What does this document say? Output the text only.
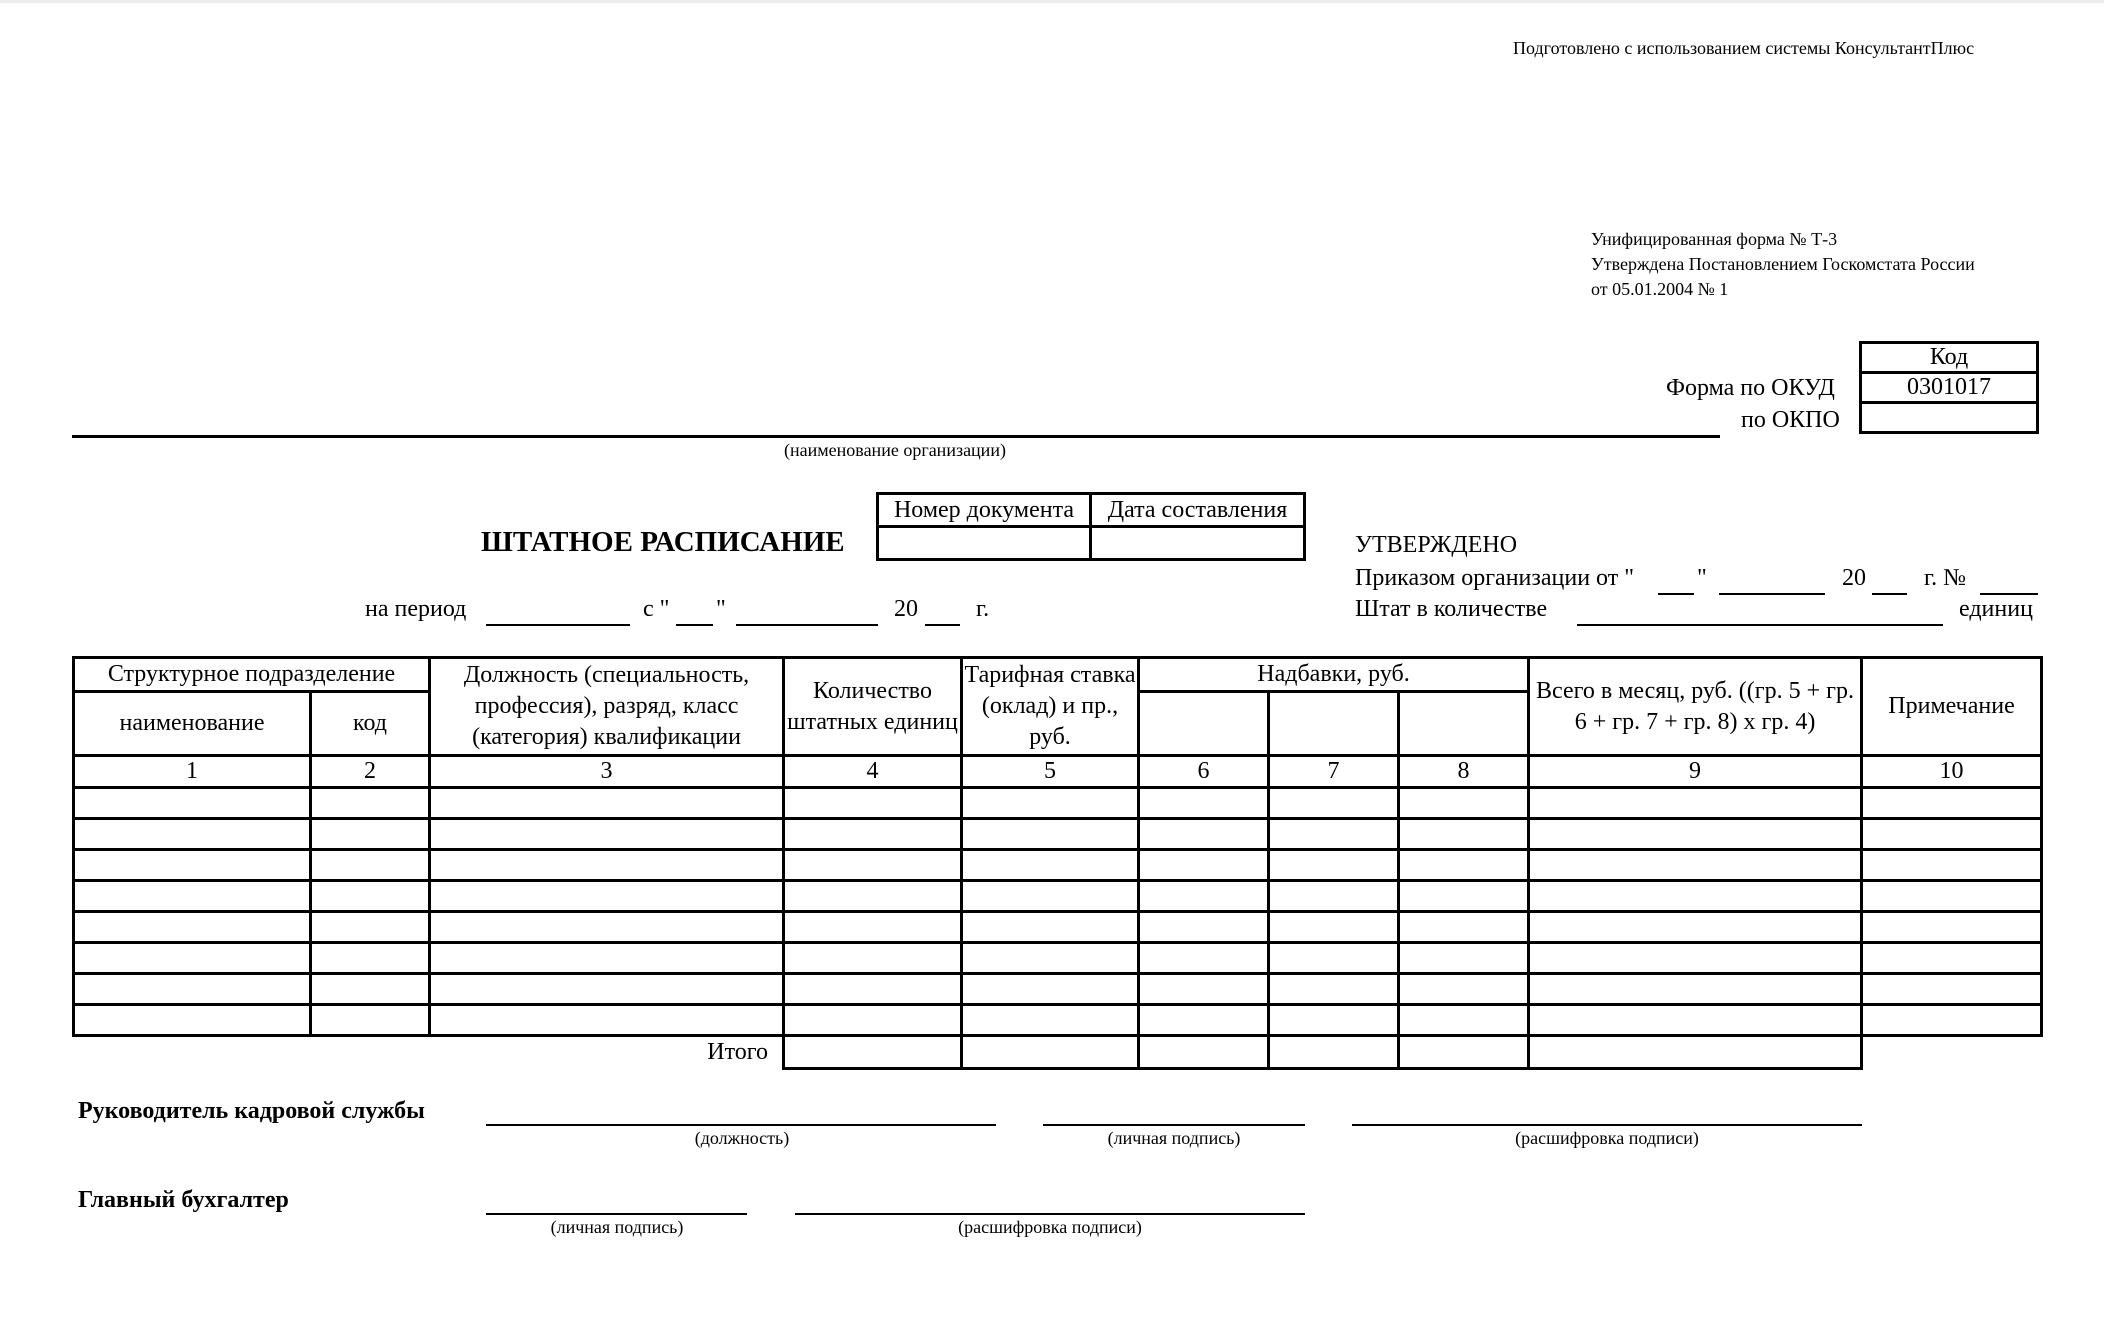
Подготовлено с использованием системы КонсультантПлюс
Унифицированная форма № Т-3
Утверждена Постановлением Госкомстата России
от 05.01.2004 № 1
Код
0301017

Форма по ОКУД
по ОКПО
(наименование организации)
ШТАТНОЕ РАСПИСАНИЕ
Номер документа	Дата составления

на период	с " "	20 г.
УТВЕРЖДЕНО
Приказом организации от "	"	20 г. №
Штат в количестве	единиц
Структурное подразделение		Должность (специальность, профессия), разряд, класс (категория) квалификации	Количество штатных единиц	Тарифная ставка (оклад) и пр., руб.	Надбавки, руб.			Всего в месяц, руб. ((гр. 5 + гр. 6 + гр. 7 + гр. 8) х гр. 4)	Примечание
наименование	код								
1	2	3	4	5	6	7	8	9	10

Итого									
Руководитель кадровой службы
(должность)	(личная подпись)	(расшифровка подписи)
Главный бухгалтер
(личная подпись)	(расшифровка подписи)
